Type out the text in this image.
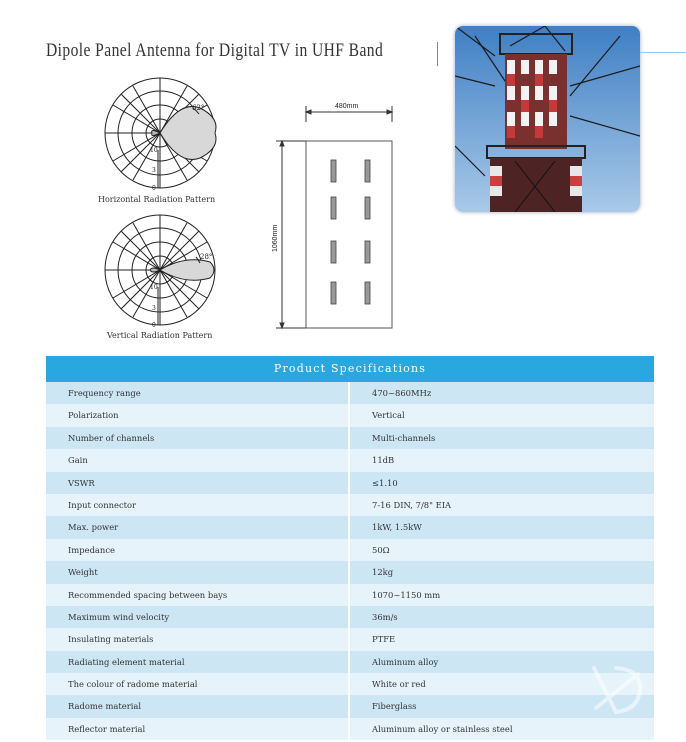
Dipole Panel Antenna for Digital TV in UHF Band
62°
0
3
10
28°
0
3
10
480mm
1060mm
Horizontal Radiation Pattern
Vertical Radiation Pattern
Product Specifications
Frequency range	470~860MHz
Polarization	Vertical
Number of channels	Multi-channels
Gain	11dB
VSWR	≤1.10
Input connector	7-16 DIN, 7/8" EIA
Max. power	1kW, 1.5kW
Impedance	50Ω
Weight	12kg
Recommended spacing between bays	1070~1150 mm
Maximum wind velocity	36m/s
Insulating materials	PTFE
Radiating element material	Aluminum alloy
The colour of radome material	White or red
Radome material	Fiberglass
Reflector material	Aluminum alloy or stainless steel
